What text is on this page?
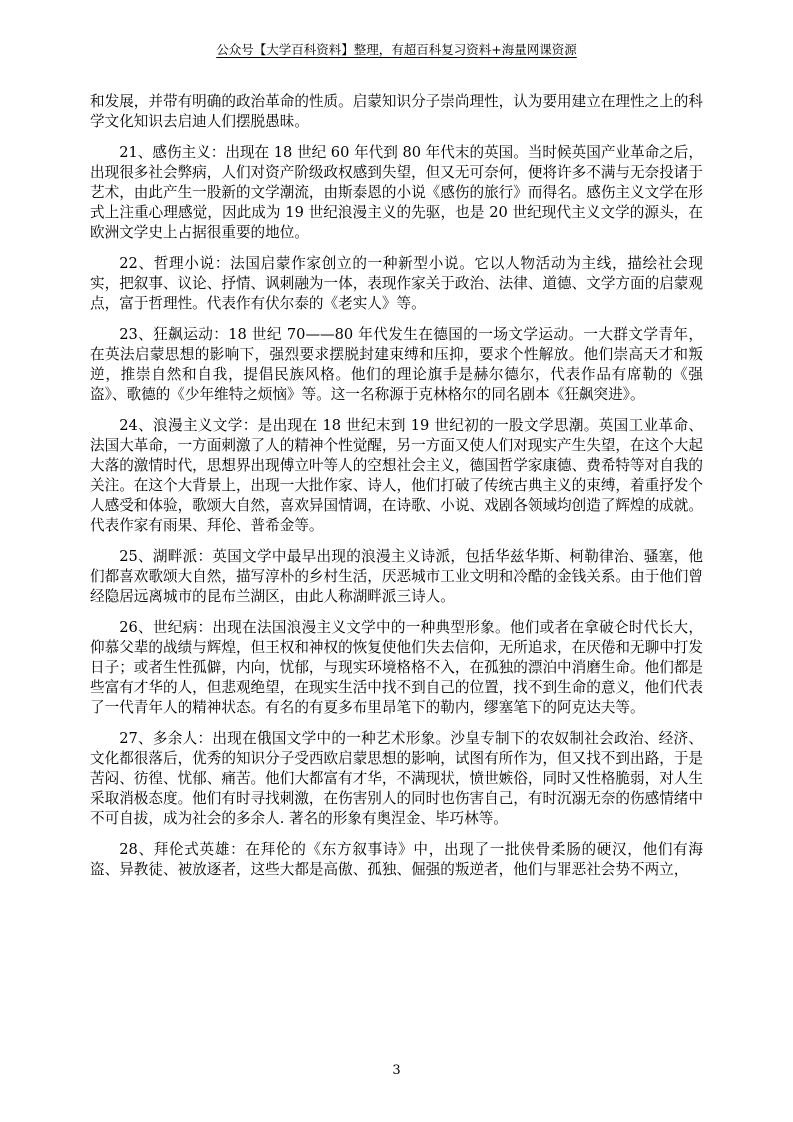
公众号【大学百科资料】整理，有超百科复习资料+海量网课资源

和发展，并带有明确的政治革命的性质。启蒙知识分子崇尚理性，认为要用建立在理性之上的科学文化知识去启迪人们摆脱愚昧。

21、感伤主义：出现在 18 世纪 60 年代到 80 年代末的英国。当时候英国产业革命之后，出现很多社会弊病，人们对资产阶级政权感到失望，但又无可奈何，便将许多不满与无奈投诸于艺术，由此产生一股新的文学潮流，由斯泰恩的小说《感伤的旅行》而得名。感伤主义文学在形式上注重心理感觉，因此成为 19 世纪浪漫主义的先驱，也是 20 世纪现代主义文学的源头，在欧洲文学史上占据很重要的地位。

22、哲理小说：法国启蒙作家创立的一种新型小说。它以人物活动为主线，描绘社会现实，把叙事、议论、抒情、讽刺融为一体，表现作家关于政治、法律、道德、文学方面的启蒙观点，富于哲理性。代表作有伏尔泰的《老实人》等。

23、狂飙运动：18 世纪 70——80 年代发生在德国的一场文学运动。一大群文学青年，在英法启蒙思想的影响下，强烈要求摆脱封建束缚和压抑，要求个性解放。他们崇高天才和叛逆，推崇自然和自我，提倡民族风格。他们的理论旗手是赫尔德尔，代表作品有席勒的《强盗》、歌德的《少年维特之烦恼》等。这一名称源于克林格尔的同名剧本《狂飙突进》。

24、浪漫主义文学：是出现在 18 世纪末到 19 世纪初的一股文学思潮。英国工业革命、法国大革命，一方面刺激了人的精神个性觉醒，另一方面又使人们对现实产生失望，在这个大起大落的激情时代，思想界出现傅立叶等人的空想社会主义，德国哲学家康德、费希特等对自我的关注。在这个大背景上，出现一大批作家、诗人，他们打破了传统古典主义的束缚，着重抒发个人感受和体验，歌颂大自然，喜欢异国情调，在诗歌、小说、戏剧各领域均创造了辉煌的成就。代表作家有雨果、拜伦、普希金等。

25、湖畔派：英国文学中最早出现的浪漫主义诗派，包括华兹华斯、柯勒律治、骚塞，他们都喜欢歌颂大自然，描写淳朴的乡村生活，厌恶城市工业文明和冷酷的金钱关系。由于他们曾经隐居远离城市的昆布兰湖区，由此人称湖畔派三诗人。

26、世纪病：出现在法国浪漫主义文学中的一种典型形象。他们或者在拿破仑时代长大，仰慕父辈的战绩与辉煌，但王权和神权的恢复使他们失去信仰，无所追求，在厌倦和无聊中打发日子；或者生性孤僻，内向，忧郁，与现实环境格格不入，在孤独的漂泊中消磨生命。他们都是些富有才华的人，但悲观绝望，在现实生活中找不到自己的位置，找不到生命的意义，他们代表了一代青年人的精神状态。有名的有夏多布里昂笔下的勒内，缪塞笔下的阿克达夫等。

27、多余人：出现在俄国文学中的一种艺术形象。沙皇专制下的农奴制社会政治、经济、文化都很落后，优秀的知识分子受西欧启蒙思想的影响，试图有所作为，但又找不到出路，于是苦闷、彷徨、忧郁、痛苦。他们大都富有才华，不满现状，愤世嫉俗，同时又性格脆弱，对人生采取消极态度。他们有时寻找刺激，在伤害别人的同时也伤害自己，有时沉溺无奈的伤感情绪中不可自拔，成为社会的多余人. 著名的形象有奥涅金、毕巧林等。

28、拜伦式英雄：在拜伦的《东方叙事诗》中，出现了一批侠骨柔肠的硬汉，他们有海盗、异教徒、被放逐者，这些大都是高傲、孤独、倔强的叛逆者，他们与罪恶社会势不两立，

3
